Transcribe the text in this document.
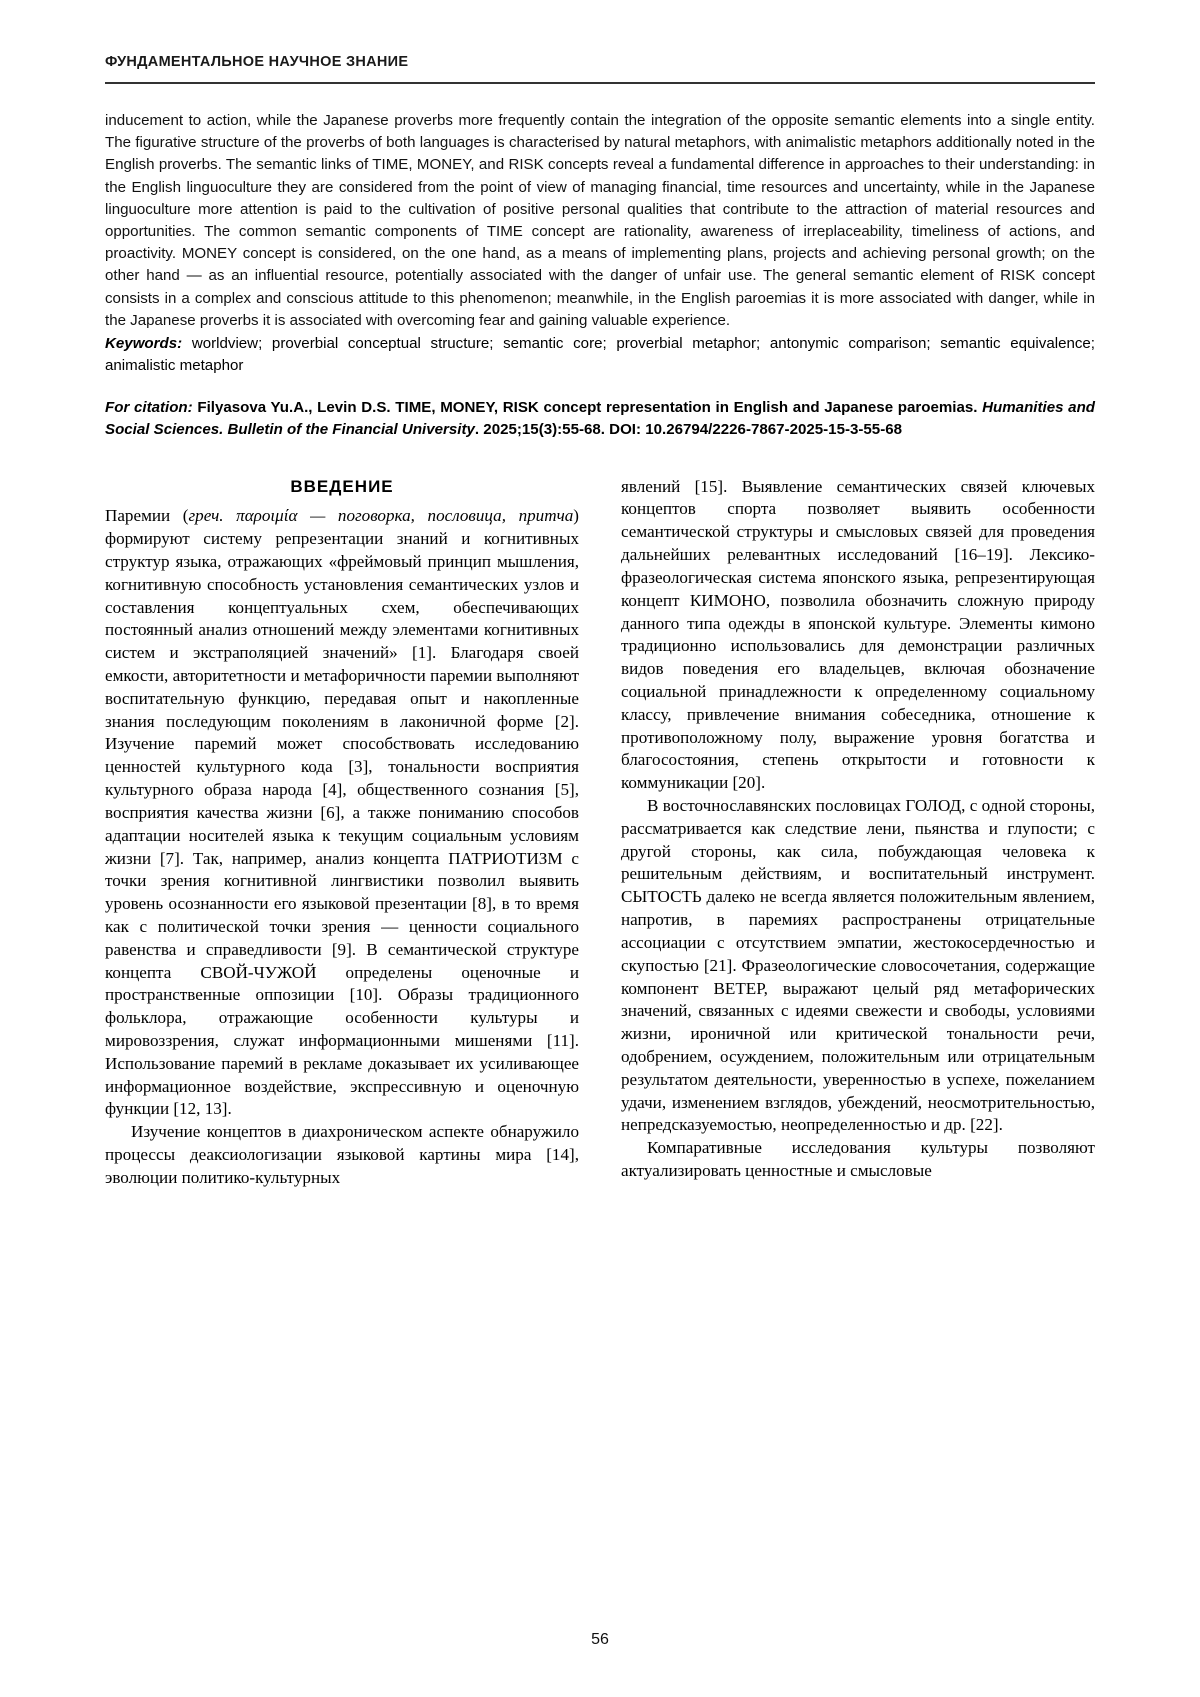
ФУНДАМЕНТАЛЬНОЕ НАУЧНОЕ ЗНАНИЕ

inducement to action, while the Japanese proverbs more frequently contain the integration of the opposite semantic elements into a single entity. The figurative structure of the proverbs of both languages is characterised by natural metaphors, with animalistic metaphors additionally noted in the English proverbs. The semantic links of TIME, MONEY, and RISK concepts reveal a fundamental difference in approaches to their understanding: in the English linguoculture they are considered from the point of view of managing financial, time resources and uncertainty, while in the Japanese linguoculture more attention is paid to the cultivation of positive personal qualities that contribute to the attraction of material resources and opportunities. The common semantic components of TIME concept are rationality, awareness of irreplaceability, timeliness of actions, and proactivity. MONEY concept is considered, on the one hand, as a means of implementing plans, projects and achieving personal growth; on the other hand — as an influential resource, potentially associated with the danger of unfair use. The general semantic element of RISK concept consists in a complex and conscious attitude to this phenomenon; meanwhile, in the English paroemias it is more associated with danger, while in the Japanese proverbs it is associated with overcoming fear and gaining valuable experience.

Keywords: worldview; proverbial conceptual structure; semantic core; proverbial metaphor; antonymic comparison; semantic equivalence; animalistic metaphor
For citation: Filyasova Yu.A., Levin D.S. TIME, MONEY, RISK concept representation in English and Japanese paroemias. Humanities and Social Sciences. Bulletin of the Financial University. 2025;15(3):55-68. DOI: 10.26794/2226-7867-2025-15-3-55-68
ВВЕДЕНИЕ

Паремии (греч. παροιμία — поговорка, пословица, притча) формируют систему репрезентации знаний и когнитивных структур языка, отражающих «фреймовый принцип мышления, когнитивную способность установления семантических узлов и составления концептуальных схем, обеспечивающих постоянный анализ отношений между элементами когнитивных систем и экстраполяцией значений» [1]. Благодаря своей емкости, авторитетности и метафоричности паремии выполняют воспитательную функцию, передавая опыт и накопленные знания последующим поколениям в лаконичной форме [2]. Изучение паремий может способствовать исследованию ценностей культурного кода [3], тональности восприятия культурного образа народа [4], общественного сознания [5], восприятия качества жизни [6], а также пониманию способов адаптации носителей языка к текущим социальным условиям жизни [7]. Так, например, анализ концепта ПАТРИОТИЗМ с точки зрения когнитивной лингвистики позволил выявить уровень осознанности его языковой презентации [8], в то время как с политической точки зрения — ценности социального равенства и справедливости [9]. В семантической структуре концепта СВОЙ-ЧУЖОЙ определены оценочные и пространственные оппозиции [10]. Образы традиционного фольклора, отражающие особенности культуры и мировоззрения, служат информационными мишенями [11]. Использование паремий в рекламе доказывает их усиливающее информационное воздействие, экспрессивную и оценочную функции [12, 13].

Изучение концептов в диахроническом аспекте обнаружило процессы деаксиологизации языковой картины мира [14], эволюции политико-культурных

явлений [15]. Выявление семантических связей ключевых концептов спорта позволяет выявить особенности семантической структуры и смысловых связей для проведения дальнейших релевантных исследований [16–19]. Лексико-фразеологическая система японского языка, репрезентирующая концепт КИМОНО, позволила обозначить сложную природу данного типа одежды в японской культуре. Элементы кимоно традиционно использовались для демонстрации различных видов поведения его владельцев, включая обозначение социальной принадлежности к определенному социальному классу, привлечение внимания собеседника, отношение к противоположному полу, выражение уровня богатства и благосостояния, степень открытости и готовности к коммуникации [20].

В восточнославянских пословицах ГОЛОД, с одной стороны, рассматривается как следствие лени, пьянства и глупости; с другой стороны, как сила, побуждающая человека к решительным действиям, и воспитательный инструмент. СЫТОСТЬ далеко не всегда является положительным явлением, напротив, в паремиях распространены отрицательные ассоциации с отсутствием эмпатии, жестокосердечностью и скупостью [21]. Фразеологические словосочетания, содержащие компонент ВЕТЕР, выражают целый ряд метафорических значений, связанных с идеями свежести и свободы, условиями жизни, ироничной или критической тональности речи, одобрением, осуждением, положительным или отрицательным результатом деятельности, уверенностью в успехе, пожеланием удачи, изменением взглядов, убеждений, неосмотрительностью, непредсказуемостью, неопределенностью и др. [22].

Компаративные исследования культуры позволяют актуализировать ценностные и смысловые

56
